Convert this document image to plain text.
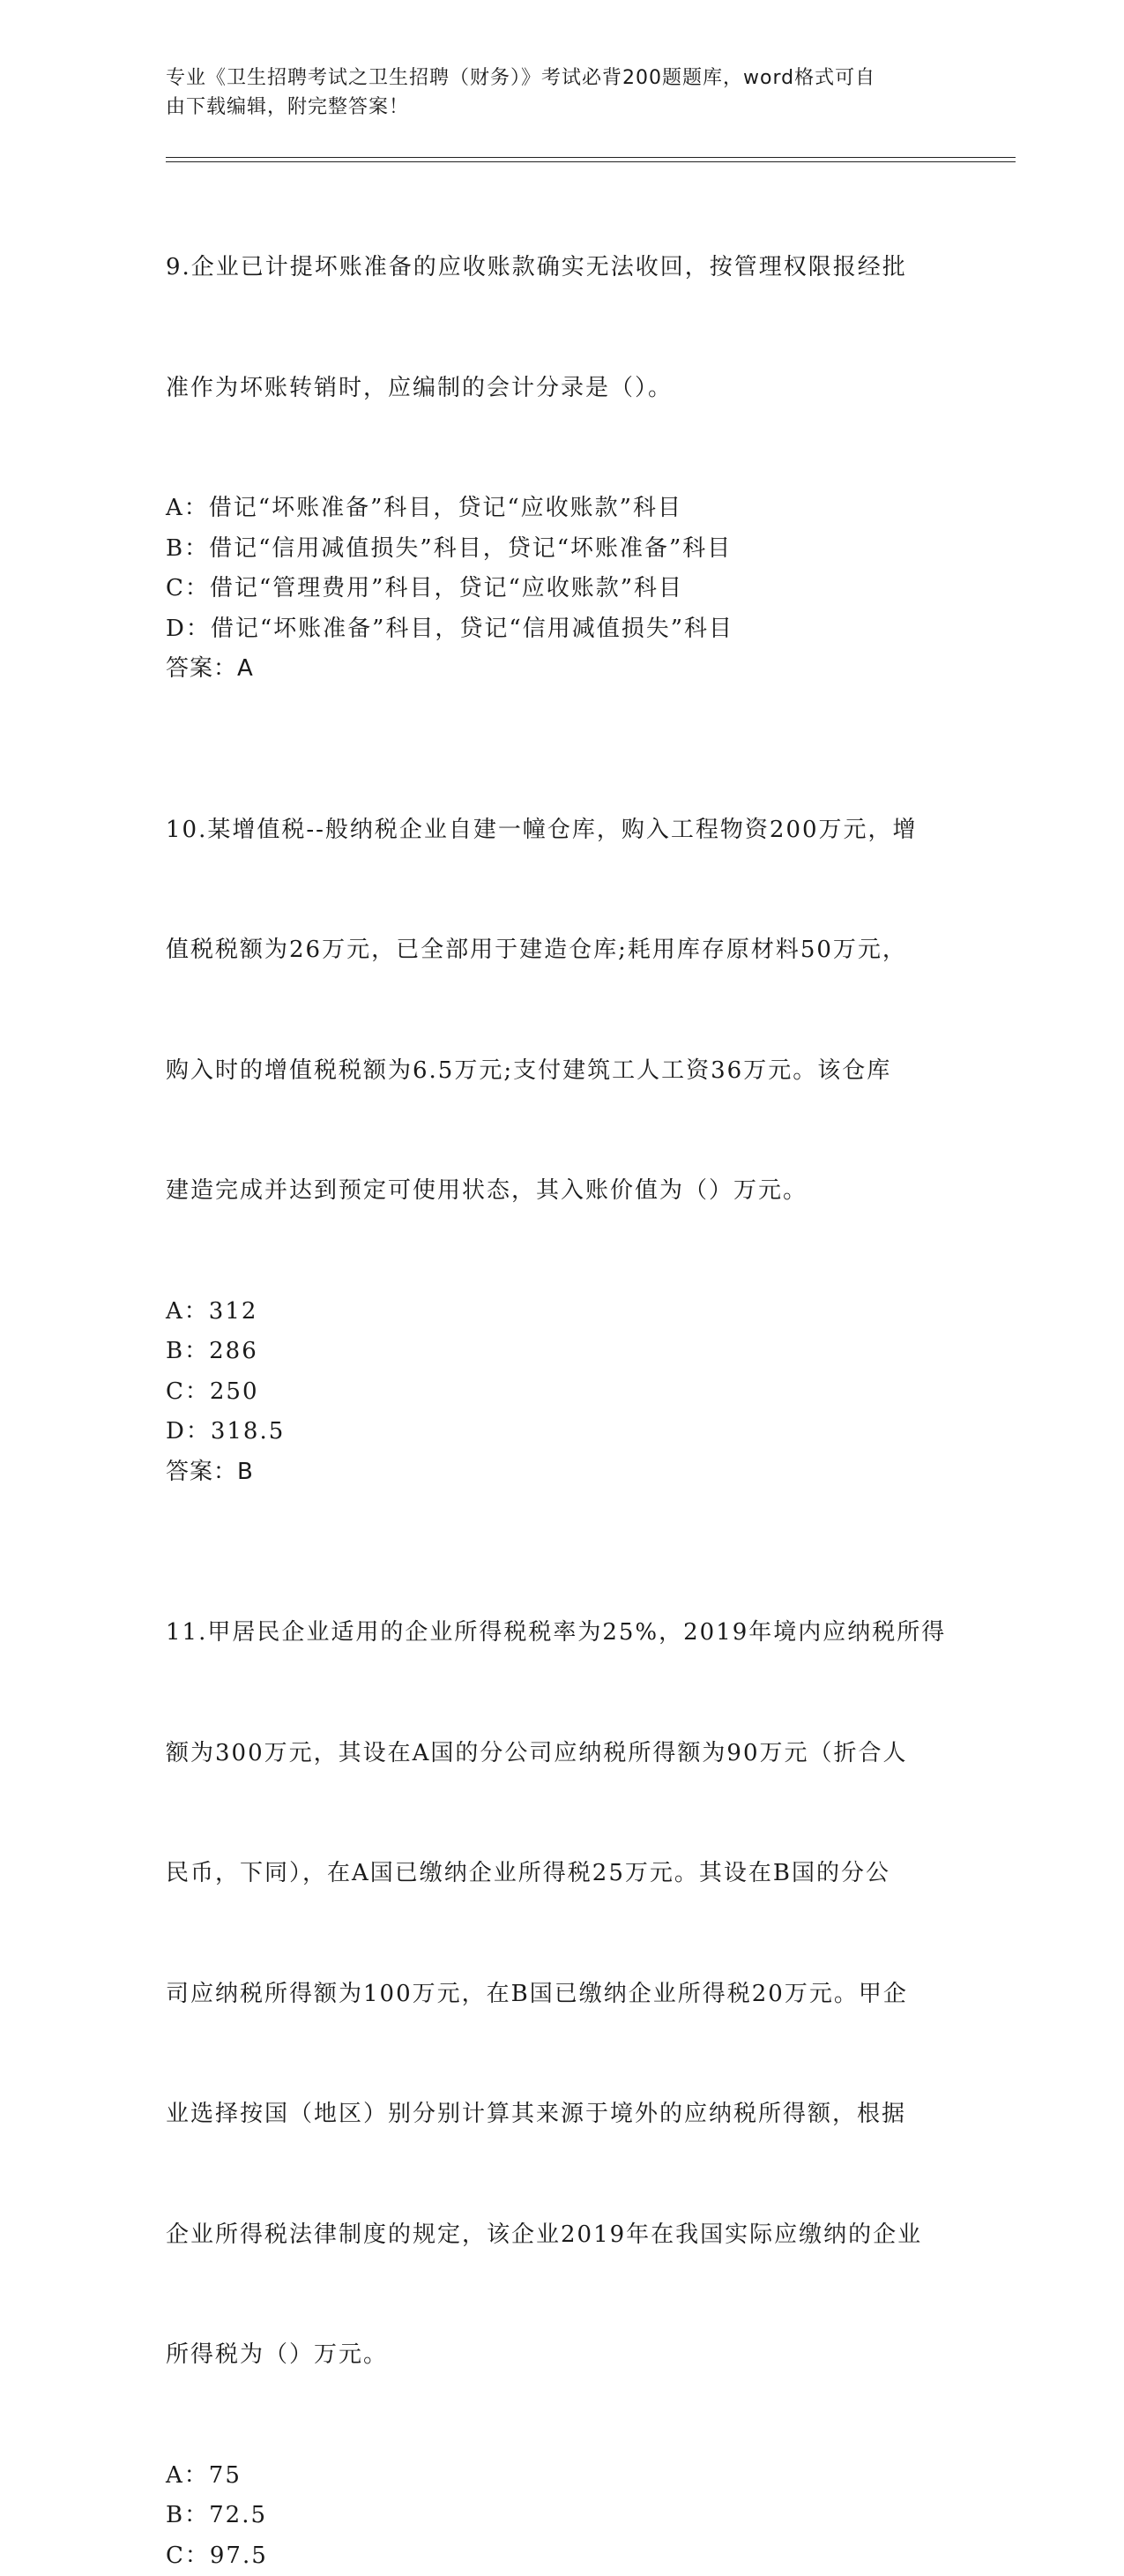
专业《卫生招聘考试之卫生招聘（财务）》考试必背200题题库，word格式可自
由下载编辑，附完整答案！

9.企业已计提坏账准备的应收账款确实无法收回，按管理权限报经批

准作为坏账转销时，应编制的会计分录是（）。

A：借记“坏账准备”科目，贷记“应收账款”科目
B：借记“信用减值损失”科目，贷记“坏账准备”科目
C：借记“管理费用”科目，贷记“应收账款”科目
D：借记“坏账准备”科目，贷记“信用减值损失”科目
答案：A

10.某增值税--般纳税企业自建一幢仓库，购入工程物资200万元，增

值税税额为26万元，已全部用于建造仓库;耗用库存原材料50万元，

购入时的增值税税额为6.5万元;支付建筑工人工资36万元。该仓库

建造完成并达到预定可使用状态，其入账价值为（）万元。

A：312
B：286
C：250
D：318.5
答案：B

11.甲居民企业适用的企业所得税税率为25%，2019年境内应纳税所得

额为300万元，其设在A国的分公司应纳税所得额为90万元（折合人

民币，下同），在A国已缴纳企业所得税25万元。其设在B国的分公

司应纳税所得额为100万元，在B国已缴纳企业所得税20万元。甲企

业选择按国（地区）别分别计算其来源于境外的应纳税所得额，根据

企业所得税法律制度的规定，该企业2019年在我国实际应缴纳的企业

所得税为（）万元。

A：75
B：72.5
C：97.5
